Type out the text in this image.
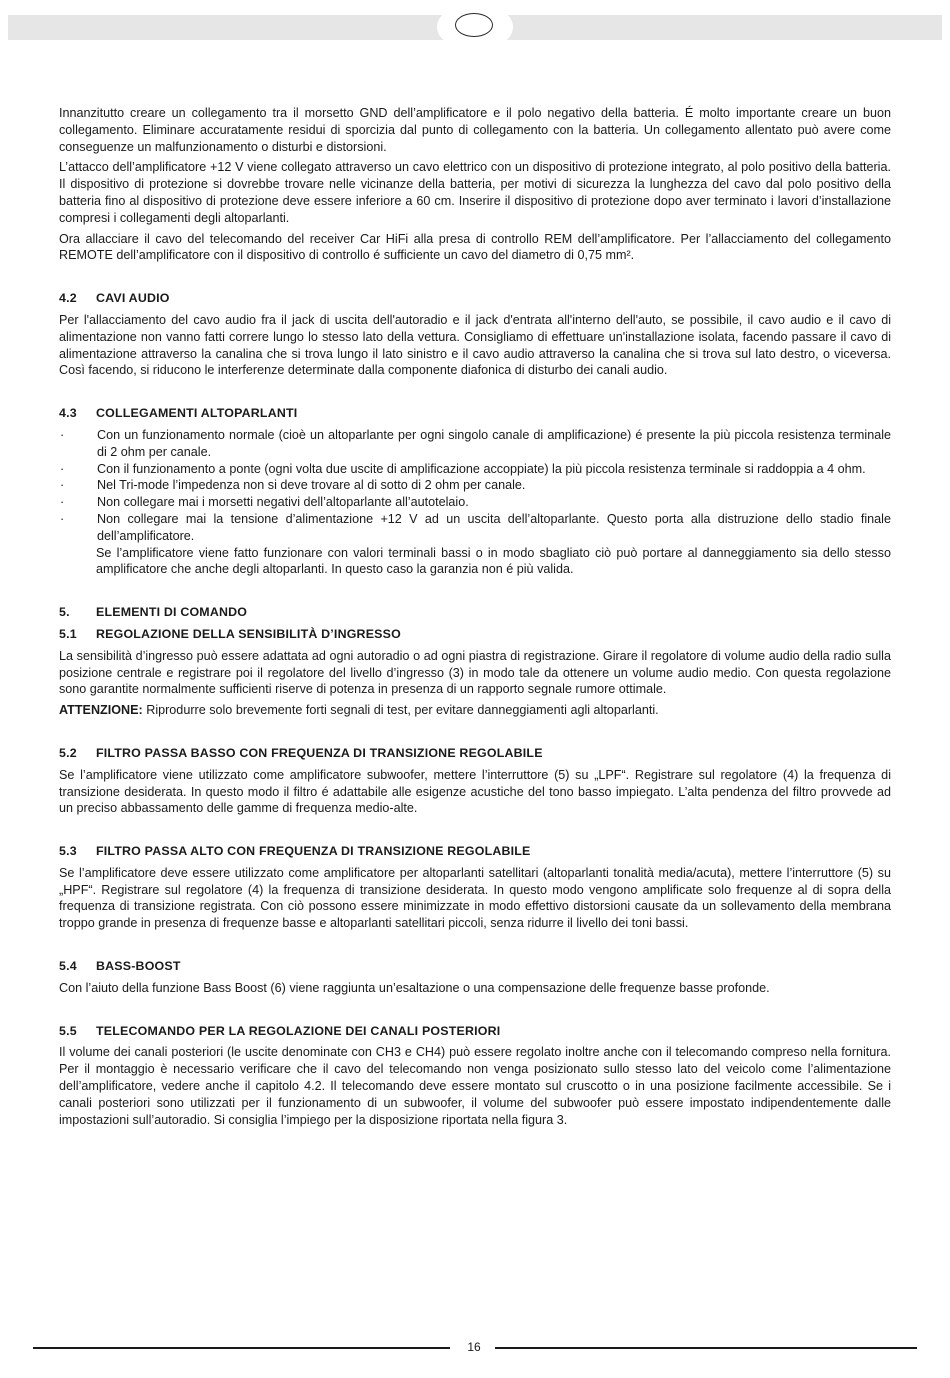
Innanzitutto creare un collegamento tra il morsetto GND dell’amplificatore e il polo negativo della batteria. É molto importante creare un buon collegamento. Eliminare accuratamente residui di sporcizia dal punto di collegamento con la batteria. Un collegamento allentato può avere come conseguenze un malfunzionamento o disturbi e distorsioni.

L’attacco dell’amplificatore +12 V viene collegato attraverso un cavo elettrico con un dispositivo di protezione integrato, al polo positivo della batteria. Il dispositivo di protezione si dovrebbe trovare nelle vicinanze della batteria, per motivi di sicurezza la lunghezza del cavo dal polo positivo della batteria fino al dispositivo di protezione deve essere inferiore a 60 cm. Inserire il dispositivo di protezione dopo aver terminato i lavori d’installazione compresi i collegamenti degli altoparlanti.

Ora allacciare il cavo del telecomando del receiver Car HiFi alla presa di controllo REM dell’amplificatore. Per l’allacciamento del collegamento REMOTE dell’amplificatore con il dispositivo di controllo é sufficiente un cavo del diametro di 0,75 mm².

4.2	CAVI AUDIO

Per l'allacciamento del cavo audio fra il jack di uscita dell'autoradio e il jack d'entrata all'interno dell'auto, se possibile, il cavo audio e il cavo di alimentazione non vanno fatti correre lungo lo stesso lato della vettura. Consigliamo di effettuare un'installazione isolata, facendo passare il cavo di alimentazione attraverso la canalina che si trova lungo il lato sinistro e il cavo audio attraverso la canalina che si trova sul lato destro, o viceversa. Così facendo, si riducono le interferenze determinate dalla componente diafonica di disturbo dei canali audio.

4.3	COLLEGAMENTI ALTOPARLANTI
·	Con un funzionamento normale (cioè un altoparlante per ogni singolo canale di amplificazione) é presente la più piccola resistenza terminale di 2 ohm per canale.
·	Con il funzionamento a ponte (ogni volta due uscite di amplificazione accoppiate) la più piccola resistenza terminale si raddoppia a 4 ohm.
·	Nel Tri-mode l’impedenza non si deve trovare al di sotto di 2 ohm per canale.
·	Non collegare mai i morsetti negativi dell’altoparlante all’autotelaio.
·	Non collegare mai la tensione d’alimentazione +12 V ad un uscita dell’altoparlante. Questo porta alla distruzione dello stadio finale dell’amplificatore.
Se l’amplificatore viene fatto funzionare con valori terminali bassi o in modo sbagliato ciò può portare al danneggiamento sia dello stesso amplificatore che anche degli altoparlanti. In questo caso la garanzia non é più valida.
5.	ELEMENTI DI COMANDO
5.1	REGOLAZIONE DELLA SENSIBILITÀ D’INGRESSO

La sensibilità d’ingresso può essere adattata ad ogni autoradio o ad ogni piastra di registrazione. Girare il regolatore di volume audio della radio sulla posizione centrale e registrare poi il regolatore del livello d’ingresso (3) in modo tale da ottenere un volume audio medio. Con questa regolazione sono garantite normalmente sufficienti riserve di potenza in presenza di un rapporto segnale rumore ottimale.

ATTENZIONE: Riprodurre solo brevemente forti segnali di test, per evitare danneggiamenti agli altoparlanti.

5.2	FILTRO PASSA BASSO CON FREQUENZA DI TRANSIZIONE REGOLABILE

Se l’amplificatore viene utilizzato come amplificatore subwoofer, mettere l’interruttore (5) su „LPF“. Registrare sul regolatore (4) la frequenza di transizione desiderata. In questo modo il filtro é adattabile alle esigenze acustiche del tono basso impiegato. L’alta pendenza del filtro provvede ad un preciso abbassamento delle gamme di frequenza medio-alte.

5.3	FILTRO PASSA ALTO CON FREQUENZA DI TRANSIZIONE REGOLABILE

Se l’amplificatore deve essere utilizzato come amplificatore per altoparlanti satellitari (altoparlanti tonalità media/acuta), mettere l’interruttore (5) su „HPF“. Registrare sul regolatore (4) la frequenza di transizione desiderata. In questo modo vengono amplificate solo frequenze al di sopra della frequenza di transizione registrata. Con ciò possono essere minimizzate in modo effettivo distorsioni causate da un sollevamento della membrana troppo grande in presenza di frequenze basse e altoparlanti satellitari piccoli, senza ridurre il livello dei toni bassi.

5.4	BASS-BOOST

Con l’aiuto della funzione Bass Boost (6) viene raggiunta un’esaltazione o una compensazione delle frequenze basse profonde.

5.5	TELECOMANDO PER LA REGOLAZIONE DEI CANALI POSTERIORI

Il volume dei canali posteriori (le uscite denominate con CH3 e CH4) può essere regolato inoltre anche con il telecomando compreso nella fornitura. Per il montaggio è necessario verificare che il cavo del telecomando non venga posizionato sullo stesso lato del veicolo come l’alimentazione dell’amplificatore, vedere anche il capitolo 4.2. Il telecomando deve essere montato sul cruscotto o in una posizione facilmente accessibile. Se i canali posteriori sono utilizzati per il funzionamento di un subwoofer, il volume del subwoofer può essere impostato indipendentemente dalle impostazioni sull’autoradio. Si consiglia l’impiego per la disposizione riportata nella figura 3.

16
